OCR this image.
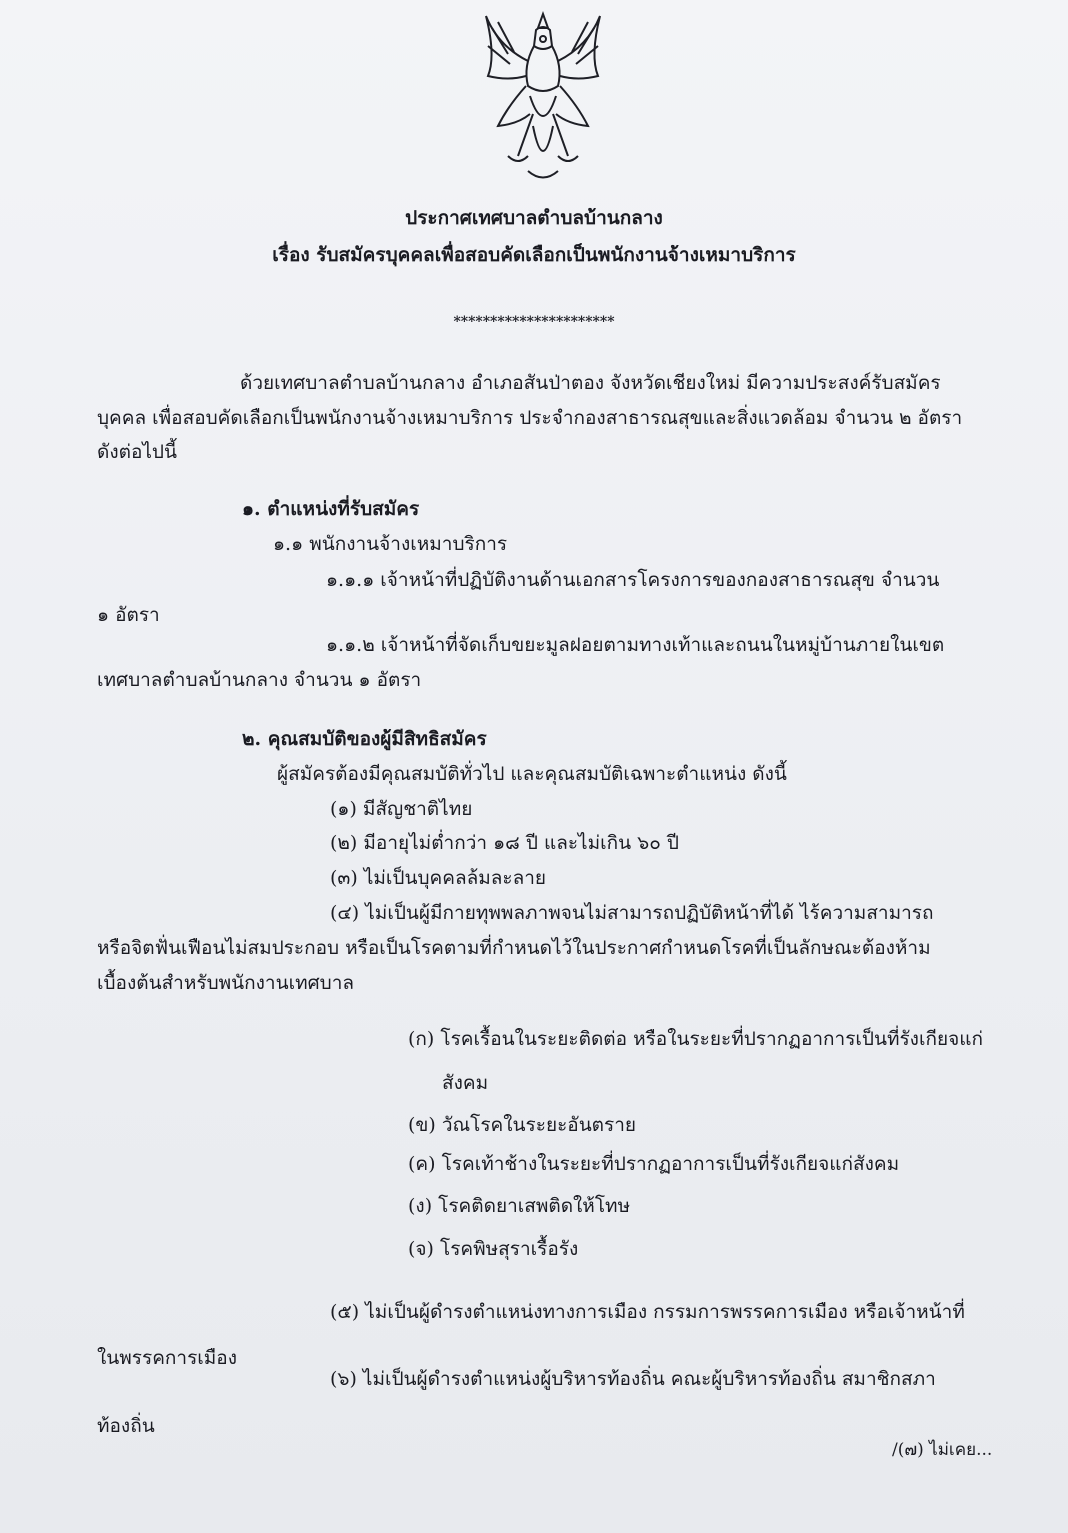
ประกาศเทศบาลตำบลบ้านกลาง
เรื่อง รับสมัครบุคคลเพื่อสอบคัดเลือกเป็นพนักงานจ้างเหมาบริการ
**********************
ด้วยเทศบาลตำบลบ้านกลาง อำเภอสันป่าตอง จังหวัดเชียงใหม่ มีความประสงค์รับสมัคร
บุคคล เพื่อสอบคัดเลือกเป็นพนักงานจ้างเหมาบริการ ประจำกองสาธารณสุขและสิ่งแวดล้อม จำนวน ๒ อัตรา
ดังต่อไปนี้
๑. ตำแหน่งที่รับสมัคร
๑.๑ พนักงานจ้างเหมาบริการ
๑.๑.๑ เจ้าหน้าที่ปฏิบัติงานด้านเอกสารโครงการของกองสาธารณสุข จำนวน
๑ อัตรา
๑.๑.๒ เจ้าหน้าที่จัดเก็บขยะมูลฝอยตามทางเท้าและถนนในหมู่บ้านภายในเขต
เทศบาลตำบลบ้านกลาง จำนวน ๑ อัตรา
๒. คุณสมบัติของผู้มีสิทธิสมัคร
ผู้สมัครต้องมีคุณสมบัติทั่วไป และคุณสมบัติเฉพาะตำแหน่ง ดังนี้
(๑) มีสัญชาติไทย
(๒) มีอายุไม่ต่ำกว่า ๑๘ ปี และไม่เกิน ๖๐ ปี
(๓) ไม่เป็นบุคคลล้มละลาย
(๔) ไม่เป็นผู้มีกายทุพพลภาพจนไม่สามารถปฏิบัติหน้าที่ได้ ไร้ความสามารถ
หรือจิตฟั่นเฟือนไม่สมประกอบ หรือเป็นโรคตามที่กำหนดไว้ในประกาศกำหนดโรคที่เป็นลักษณะต้องห้าม
เบื้องต้นสำหรับพนักงานเทศบาล
(ก) โรคเรื้อนในระยะติดต่อ หรือในระยะที่ปรากฏอาการเป็นที่รังเกียจแก่
สังคม
(ข) วัณโรคในระยะอันตราย
(ค) โรคเท้าช้างในระยะที่ปรากฏอาการเป็นที่รังเกียจแก่สังคม
(ง) โรคติดยาเสพติดให้โทษ
(จ) โรคพิษสุราเรื้อรัง
(๕) ไม่เป็นผู้ดำรงตำแหน่งทางการเมือง กรรมการพรรคการเมือง หรือเจ้าหน้าที่
ในพรรคการเมือง
(๖) ไม่เป็นผู้ดำรงตำแหน่งผู้บริหารท้องถิ่น คณะผู้บริหารท้องถิ่น สมาชิกสภา
ท้องถิ่น
/(๗) ไม่เคย...
